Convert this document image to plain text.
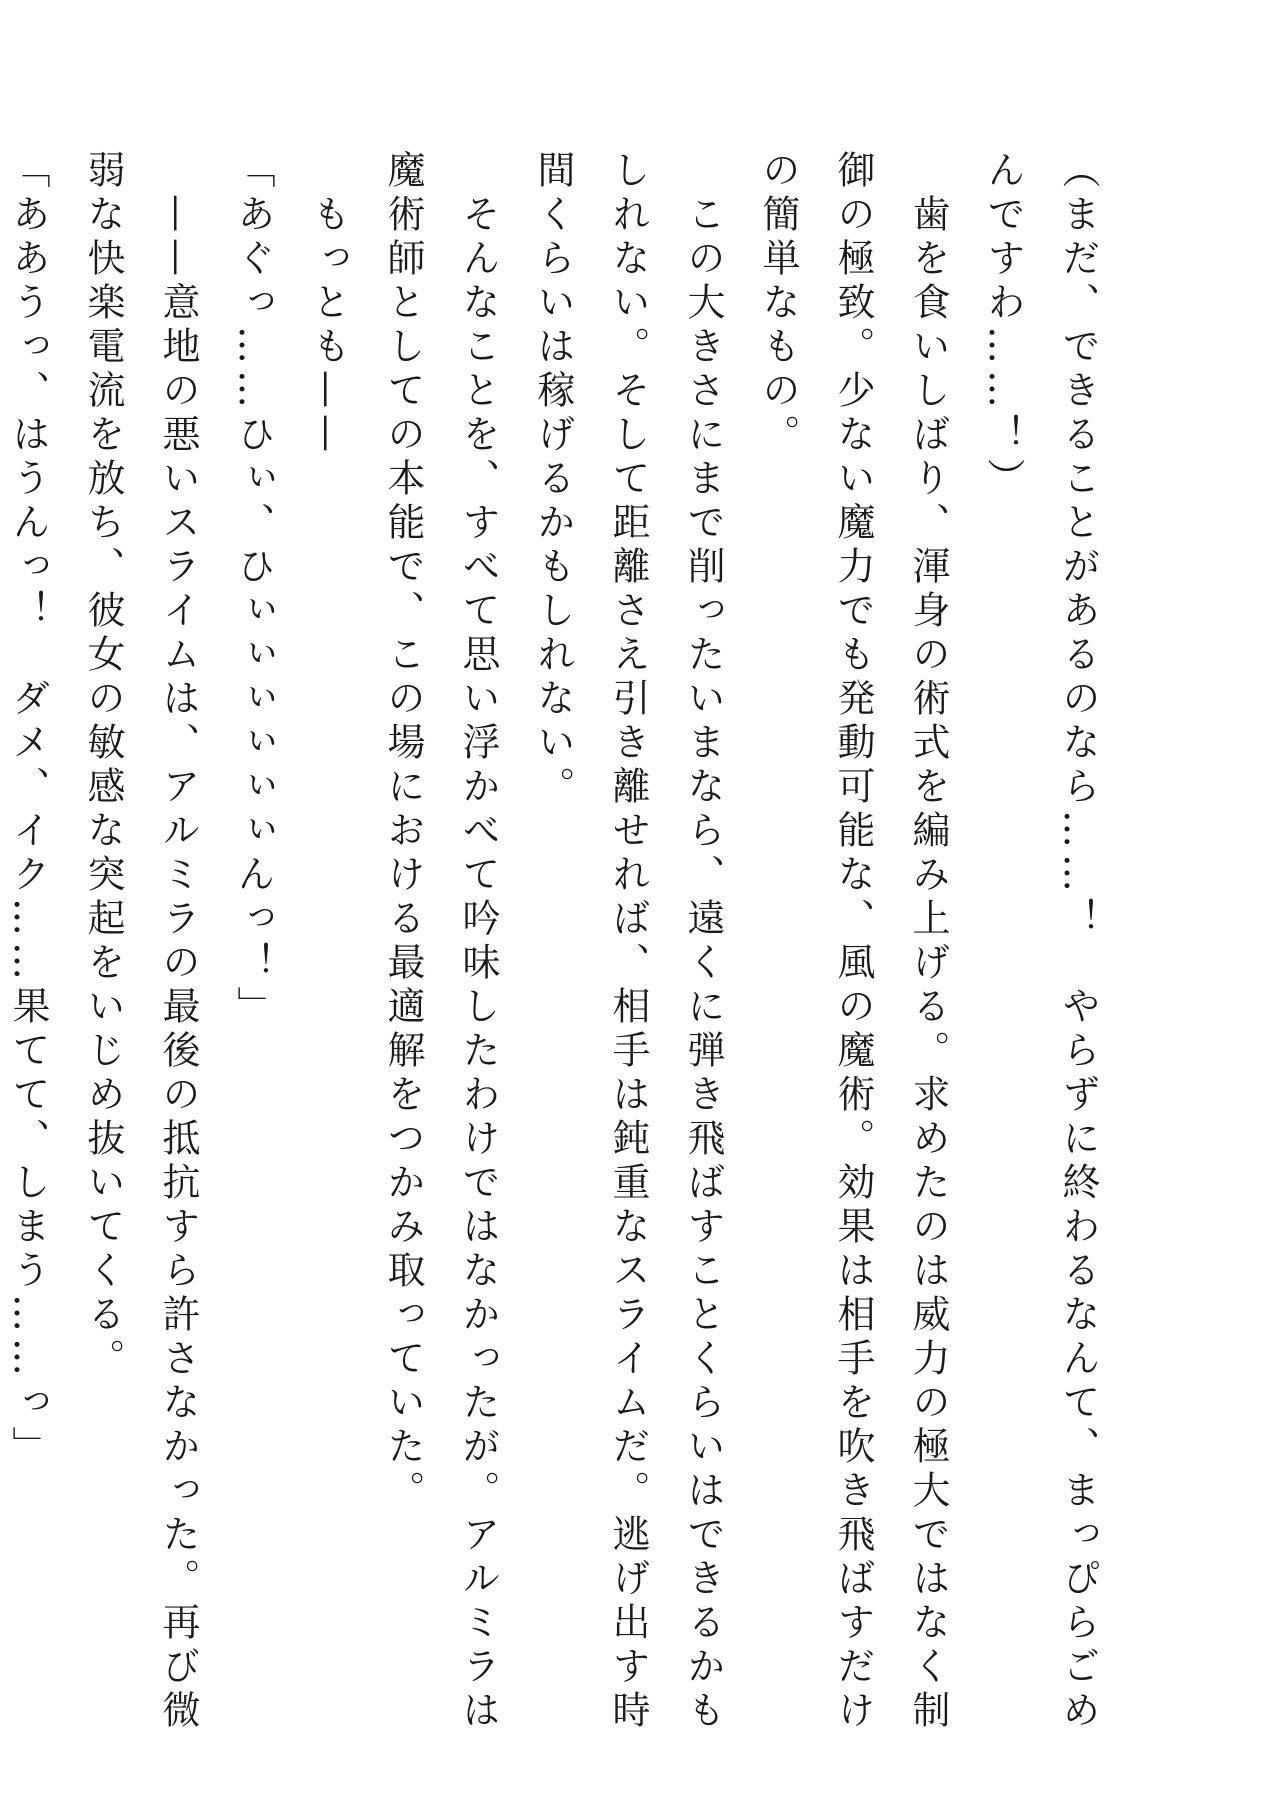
（まだ、できることがあるのなら……！　やらずに終わるなんて、まっぴらごめ
んですわ……！）
　歯を食いしばり、渾身の術式を編み上げる。求めたのは威力の極大ではなく制
御の極致。少ない魔力でも発動可能な、風の魔術。効果は相手を吹き飛ばすだけ
の簡単なもの。
　この大きさにまで削ったいまなら、遠くに弾き飛ばすことくらいはできるかも
しれない。そして距離さえ引き離せれば、相手は鈍重なスライムだ。逃げ出す時
間くらいは稼げるかもしれない。
　そんなことを、すべて思い浮かべて吟味したわけではなかったが。アルミラは
魔術師としての本能で、この場における最適解をつかみ取っていた。
　もっとも——
「あぐっ……ひぃ、ひぃぃぃぃぃぃんっ！」
　——意地の悪いスライムは、アルミラの最後の抵抗すら許さなかった。再び微
弱な快楽電流を放ち、彼女の敏感な突起をいじめ抜いてくる。
「ああうっ、はうんっ！　ダメ、イク……果てて、しまう……っ」
